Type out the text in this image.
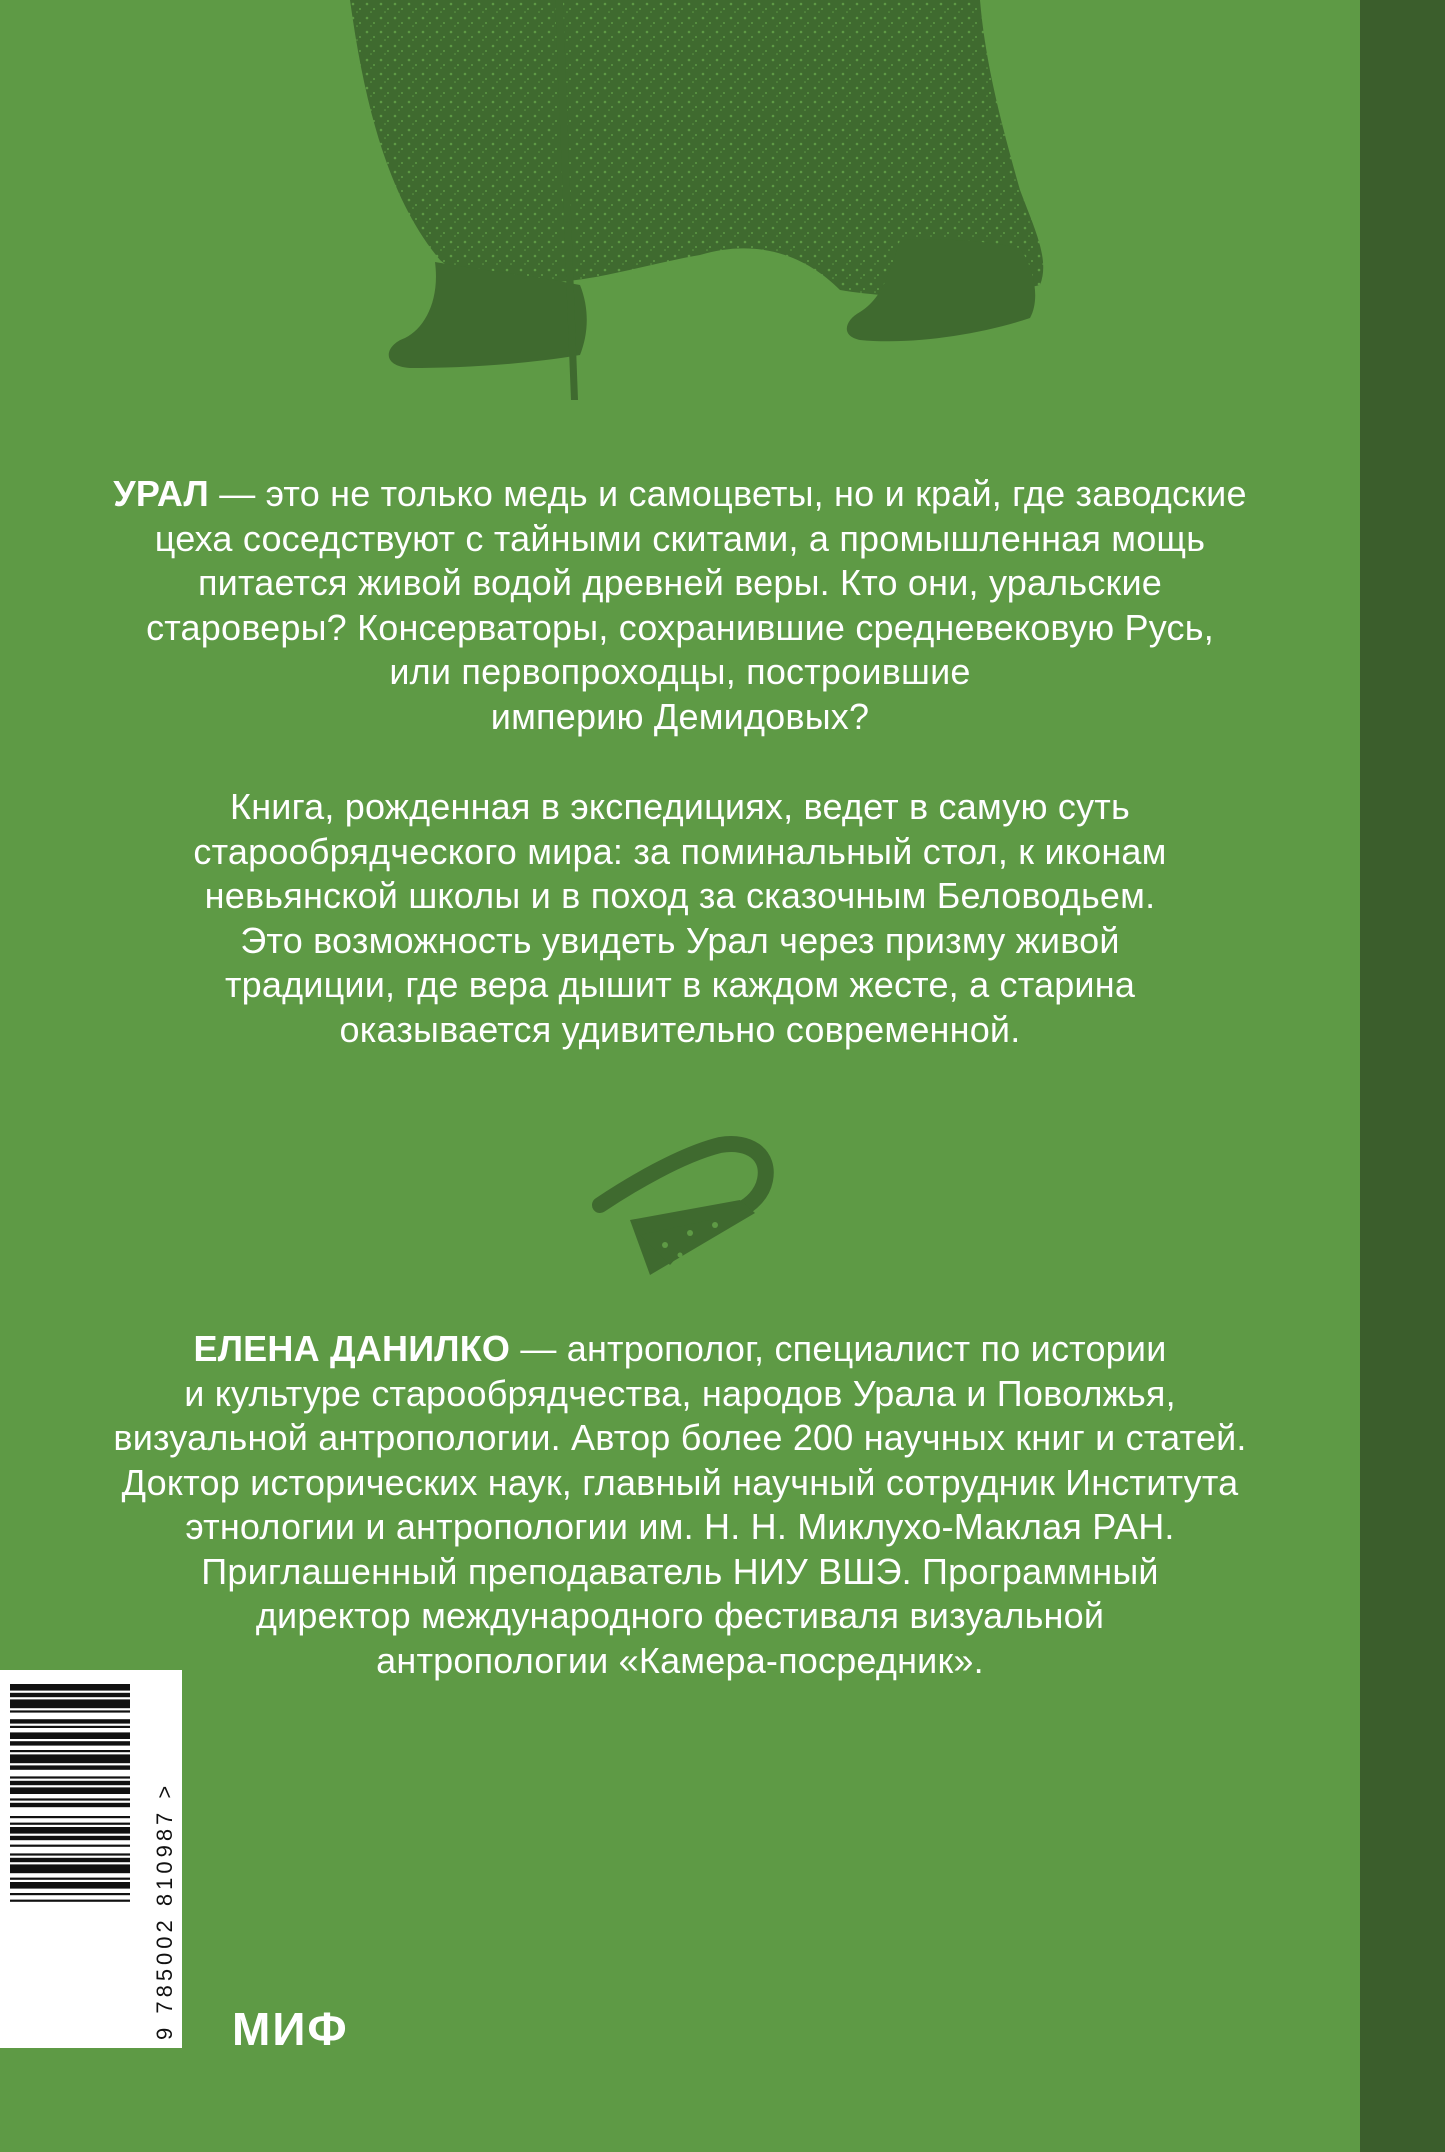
УРАЛ — это не только медь и самоцветы, но и край, где заводские
цеха соседствуют с тайными скитами, а промышленная мощь
питается живой водой древней веры. Кто они, уральские
староверы? Консерваторы, сохранившие средневековую Русь,
или первопроходцы, построившие
империю Демидовых?
Книга, рожденная в экспедициях, ведет в самую суть
старообрядческого мира: за поминальный стол, к иконам
невьянской школы и в поход за сказочным Беловодьем.
Это возможность увидеть Урал через призму живой
традиции, где вера дышит в каждом жесте, а старина
оказывается удивительно современной.
ЕЛЕНА ДАНИЛКО — антрополог, специалист по истории
и культуре старообрядчества, народов Урала и Поволжья,
визуальной антропологии. Автор более 200 научных книг и статей.
Доктор исторических наук, главный научный сотрудник Института
этнологии и антропологии им. Н. Н. Миклухо-Маклая РАН.
Приглашенный преподаватель НИУ ВШЭ. Программный
директор международного фестиваля визуальной
антропологии «Камера-посредник».
9 785002 810987 > МИФ
